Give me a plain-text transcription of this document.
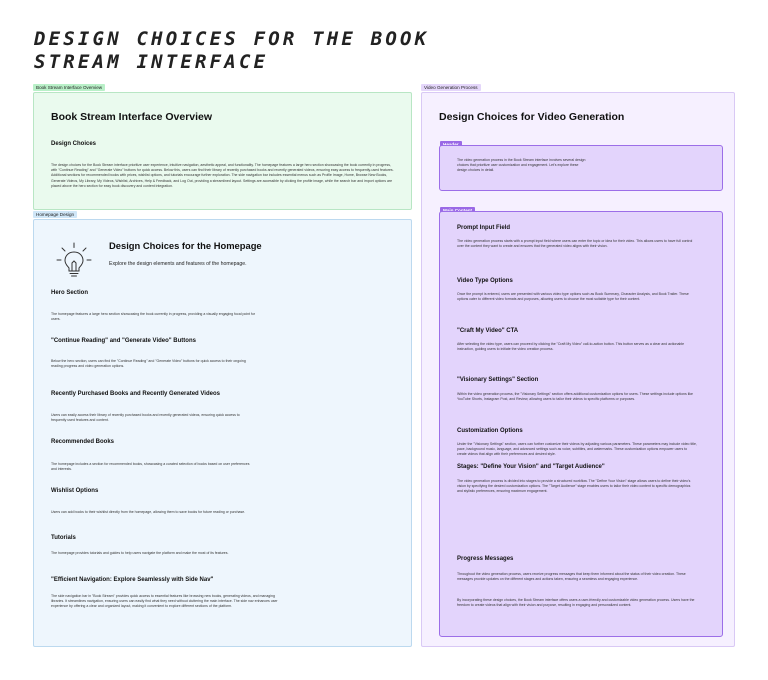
DESIGN CHOICES FOR THE BOOK STREAM INTERFACE
Book Stream Interface Overview
Book Stream Interface Overview
Design Choices

The design choices for the Book Stream interface prioritize user experience, intuitive navigation, aesthetic appeal, and functionality. The homepage features a large hero section showcasing the book currently in progress, with "Continue Reading" and "Generate Video" buttons for quick access. Below this, users can find their library of recently purchased books and recently generated videos, ensuring easy access to frequently-used features. Additional sections for recommended books with prices, wishlist options, and tutorials encourage further exploration. The side navigation bar includes essential menus such as Profile Image, Home, Browse New Books, Generate Videos, My Library, My Videos, Wishlist, Archives, Help & Feedback, and Log Out, providing a streamlined layout. Settings are accessible by clicking the profile image, while the search bar and import options are placed above the hero section for easy book discovery and content integration.

Homepage Design
Design Choices for the Homepage
Explore the design elements and features of the homepage.
Hero Section

The homepage features a large hero section showcasing the book currently in progress, providing a visually engaging focal point for users.

"Continue Reading" and "Generate Video" Buttons

Below the hero section, users can find the "Continue Reading" and "Generate Video" buttons for quick access to their ongoing reading progress and video generation options.

Recently Purchased Books and Recently Generated Videos

Users can easily access their library of recently purchased books and recently generated videos, ensuring quick access to frequently used features and content.

Recommended Books

The homepage includes a section for recommended books, showcasing a curated selection of books based on user preferences and interests.

Wishlist Options

Users can add books to their wishlist directly from the homepage, allowing them to save books for future reading or purchase.

Tutorials

The homepage provides tutorials and guides to help users navigate the platform and make the most of its features.

"Efficient Navigation: Explore Seamlessly with Side Nav"

The side navigation bar in "Book Stream" provides quick access to essential features like browsing new books, generating videos, and managing libraries. It streamlines navigation, ensuring users can easily find what they need without cluttering the main interface. The side nav enhances user experience by offering a clear and organized layout, making it convenient to explore different sections of the platform.

Video Generation Process
Design Choices for Video Generation

The video generation process in the Book Stream interface involves several design choices that prioritize user customization and engagement. Let's explore these design choices in detail.

Prompt Input Field

The video generation process starts with a prompt input field where users can enter the topic or idea for their video. This allows users to have full control over the content they want to create and ensures that the generated video aligns with their vision.

Video Type Options

Once the prompt is entered, users are presented with various video type options such as Book Summary, Character Analysis, and Book Trailer. These options cater to different video formats and purposes, allowing users to choose the most suitable type for their content.

"Craft My Video" CTA

After selecting the video type, users can proceed by clicking the "Craft My Video" call-to-action button. This button serves as a clear and actionable instruction, guiding users to initiate the video creation process.

"Visionary Settings" Section

Within the video generation process, the "Visionary Settings" section offers additional customization options for users. These settings include options like YouTube Shorts, Instagram Post, and Review, allowing users to tailor their videos to specific platforms or purposes.

Customization Options

Under the "Visionary Settings" section, users can further customize their videos by adjusting various parameters. These parameters may include video title, pace, background music, language, and advanced settings such as voice, subtitles, and watermarks. These customization options empower users to create videos that align with their preferences and desired style.

Stages: "Define Your Vision" and "Target Audience"

The video generation process is divided into stages to provide a structured workflow. The "Define Your Vision" stage allows users to define their video's vision by specifying the desired customization options. The "Target Audience" stage enables users to tailor their video content to specific demographics and stylistic preferences, ensuring maximum engagement.

Progress Messages

Throughout the video generation process, users receive progress messages that keep them informed about the status of their video creation. These messages provide updates on the different stages and actions taken, ensuring a seamless and engaging experience.

By incorporating these design choices, the Book Stream interface offers users a user-friendly and customizable video generation process. Users have the freedom to create videos that align with their vision and purpose, resulting in engaging and personalized content.
